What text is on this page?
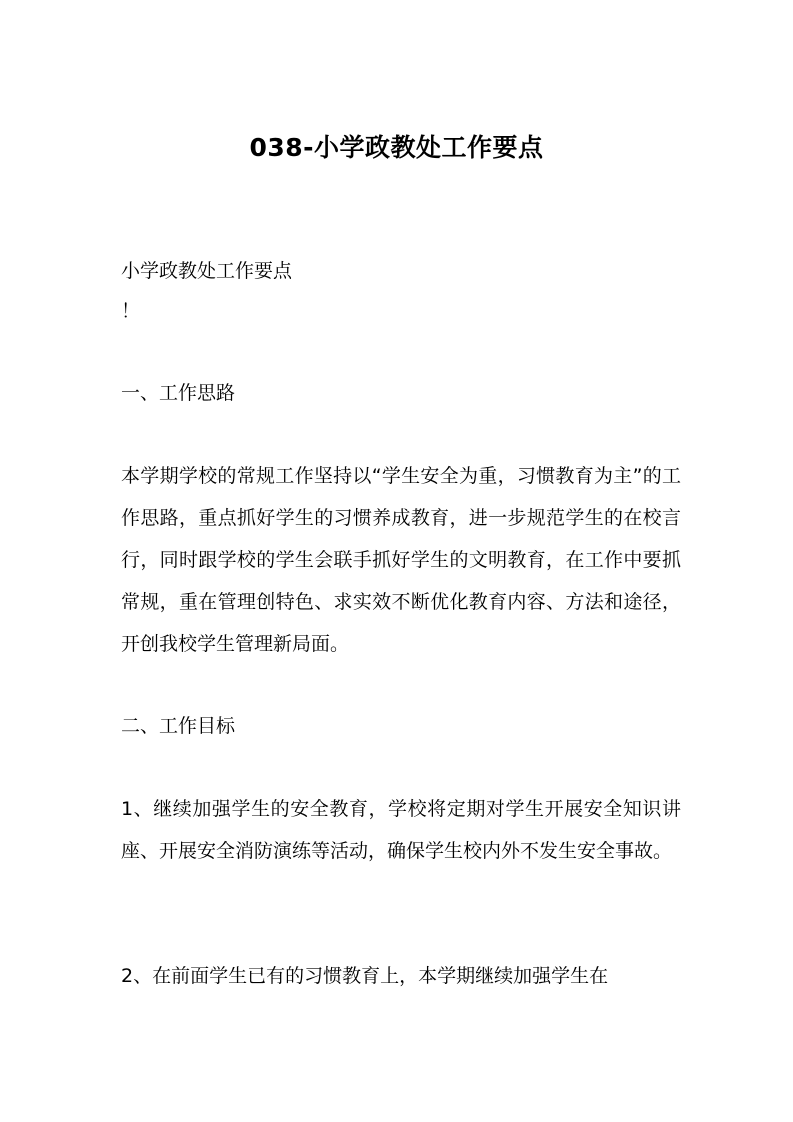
038-小学政教处工作要点

小学政教处工作要点

！

一、工作思路

本学期学校的常规工作坚持以“学生安全为重，习惯教育为主”的工作思路，重点抓好学生的习惯养成教育，进一步规范学生的在校言行，同时跟学校的学生会联手抓好学生的文明教育，在工作中要抓常规，重在管理创特色、求实效不断优化教育内容、方法和途径，开创我校学生管理新局面。

二、工作目标

1、继续加强学生的安全教育，学校将定期对学生开展安全知识讲座、开展安全消防演练等活动，确保学生校内外不发生安全事故。

2、在前面学生已有的习惯教育上，本学期继续加强学生在
